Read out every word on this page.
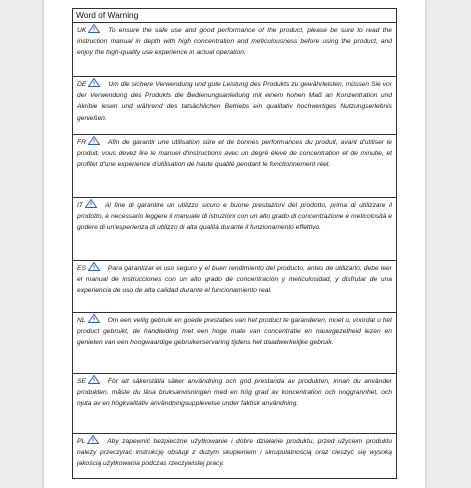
Word of Warning

UK	To ensure the safe use and good performance of the product, please be sure to read the instruction manual in depth with high concentration and meticulousness before using the product, and enjoy the high-quality use experience in actual operation.

DE	Um die sichere Verwendung und gute Leistung des Produkts zu gewährleisten, müssen Sie vor der Verwendung des Produkts die Bedienungsanleitung mit einem hohen Maß an Konzentration und Akribie lesen und während des tatsächlichen Betriebs ein qualitativ hochwertiges Nutzungserlebnis genießen.

FR	Afin de garantir une utilisation sûre et de bonnes performances du produit, avant d'utiliser le produit, vous devez lire le manuel d'instructions avec un degré élevé de concentration et de minutie, et profiter d'une expérience d'utilisation de haute qualité pendant le fonctionnement réel.

IT	Al fine di garantire un utilizzo sicuro e buone prestazioni del prodotto, prima di utilizzare il prodotto, è necessario leggere il manuale di istruzioni con un alto grado di concentrazione e meticolosità e godere di un'esperienza di utilizzo di alta qualità durante il funzionamento effettivo.

ES	Para garantizar el uso seguro y el buen rendimiento del producto, antes de utilizarlo, debe leer el manual de instrucciones con un alto grado de concentración y meticulosidad, y disfrutar de una experiencia de uso de alta calidad durante el funcionamiento real.

NL	Om een veilig gebruik en goede prestaties van het product te garanderen, moet u, voordat u het product gebruikt, de handleiding met een hoge mate van concentratie en nauwgezetheid lezen en genieten van een hoogwaardige gebruikerservaring tijdens het daadwerkelijke gebruik.

SE	För att säkerställa säker användning och god prestanda av produkten, innan du använder produkten, måste du läsa bruksanvisningen med en hög grad av koncentration och noggrannhet, och njuta av en högkvalitativ användningsupplevelse under faktisk användning.

PL	Aby zapewnić bezpieczne użytkowanie i dobre działanie produktu, przed użyciem produktu należy przeczytać instrukcję obsługi z dużym skupieniem i skrupulatnością oraz cieszyć się wysoką jakością użytkowania podczas rzeczywistej pracy.
